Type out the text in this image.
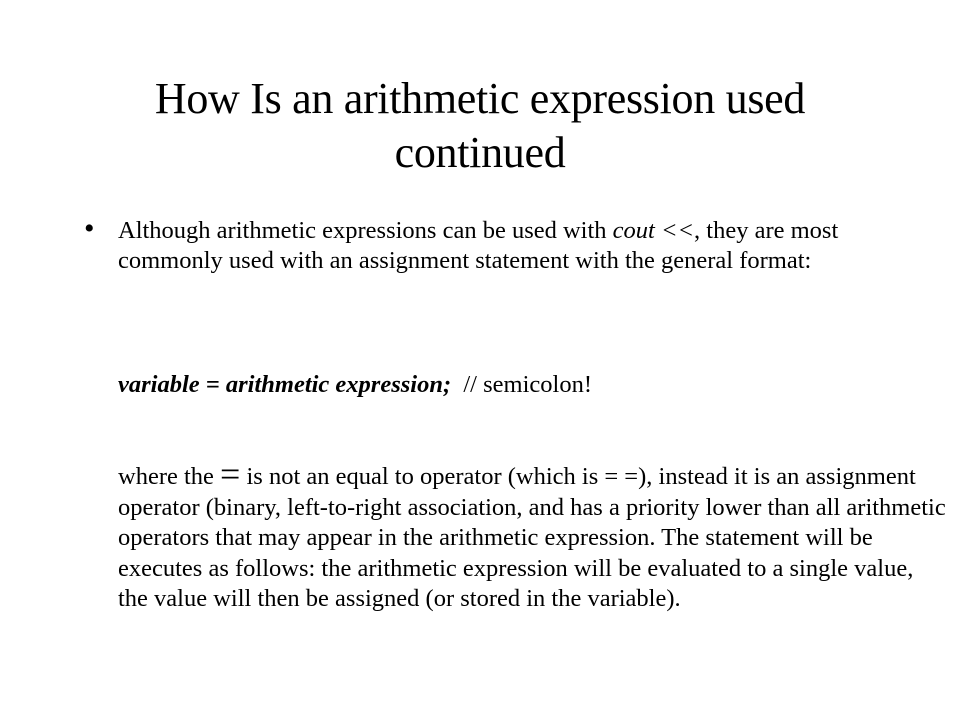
How Is an arithmetic expression used
continued
• Although arithmetic expressions can be used with cout <<, they are most commonly used with an assignment statement with the general format:
variable = arithmetic expression;  // semicolon!
where the = is not an equal to operator (which is = =), instead it is an assignment operator (binary, left-to-right association, and has a priority lower than all arithmetic operators that may appear in the arithmetic expression. The statement will be executes as follows: the arithmetic expression will be evaluated to a single value, the value will then be assigned (or stored in the variable).
